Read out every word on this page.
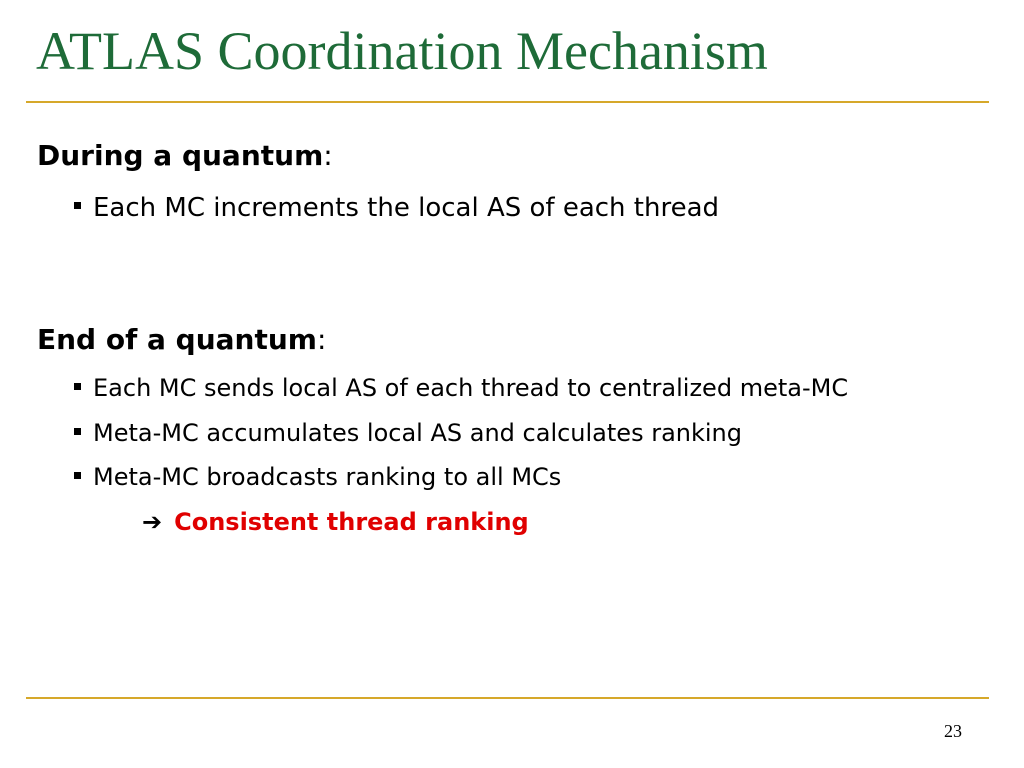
ATLAS Coordination Mechanism

During a quantum:

Each MC increments the local AS of each thread

End of a quantum:

Each MC sends local AS of each thread to centralized meta-MC

Meta-MC accumulates local AS and calculates ranking

Meta-MC broadcasts ranking to all MCs

➔ Consistent thread ranking

23
